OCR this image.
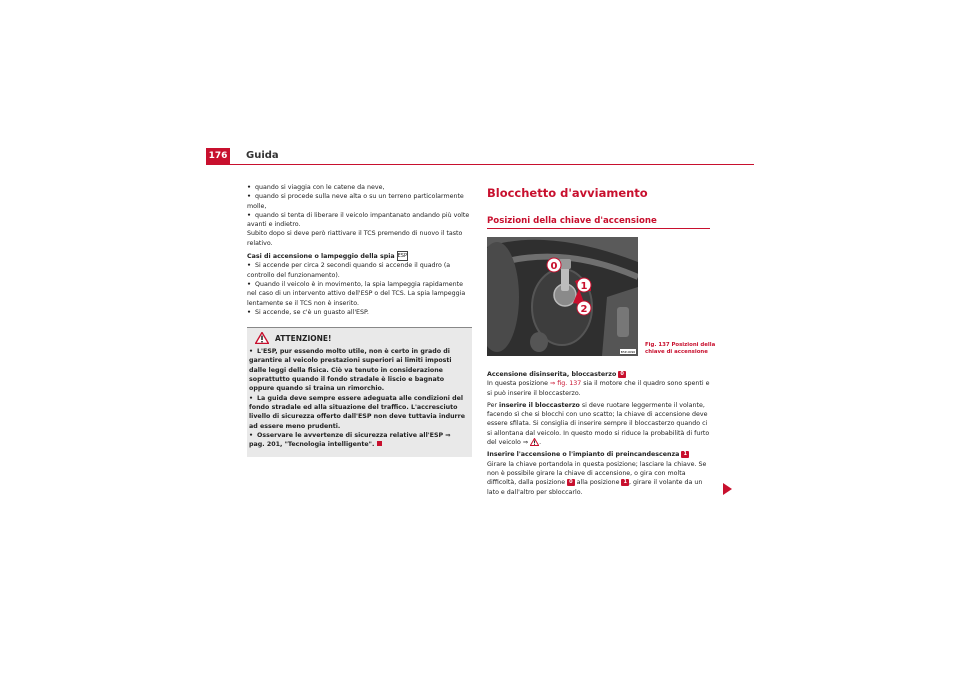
176 Guida

• quando si viaggia con le catene da neve,

• quando si procede sulla neve alta o su un terreno particolarmente molle,

• quando si tenta di liberare il veicolo impantanato andando più volte avanti e indietro.

Subito dopo si deve però riattivare il TCS premendo di nuovo il tasto relativo.

Casi di accensione o lampeggio della spia ESP

• Si accende per circa 2 secondi quando si accende il quadro (a controllo del funzionamento).

• Quando il veicolo è in movimento, la spia lampeggia rapidamente nel caso di un intervento attivo dell'ESP o del TCS. La spia lampeggia lentamente se il TCS non è inserito.

• Si accende, se c'è un guasto all'ESP.

ATTENZIONE!

• L'ESP, pur essendo molto utile, non è certo in grado di garantire al veicolo prestazioni superiori ai limiti imposti dalle leggi della fisica. Ciò va tenuto in considerazione soprattutto quando il fondo stradale è liscio e bagnato oppure quando si traina un rimorchio.

• La guida deve sempre essere adeguata alle condizioni del fondo stradale ed alla situazione del traffico. L'accresciuto livello di sicurezza offerto dall'ESP non deve tuttavia indurre ad essere meno prudenti.

• Osservare le avvertenze di sicurezza relative all'ESP ⇒ pag. 201, "Tecnologia intelligente".

Blocchetto d'avviamento

Posizioni della chiave d'accensione

B5P-0096
0
1
2
Fig. 137 Posizioni della chiave di accensione

Accensione disinserita, bloccasterzo 0

In questa posizione ⇒ fig. 137 sia il motore che il quadro sono spenti e si può inserire il bloccasterzo.

Per inserire il bloccasterzo si deve ruotare leggermente il volante, facendo sì che si blocchi con uno scatto; la chiave di accensione deve essere sfilata. Si consiglia di inserire sempre il bloccasterzo quando ci si allontana dal veicolo. In questo modo si riduce la probabilità di furto del veicolo ⇒ .

Inserire l'accensione o l'impianto di preincandescenza 1

Girare la chiave portandola in questa posizione; lasciare la chiave. Se non è possibile girare la chiave di accensione, o gira con molta difficoltà, dalla posizione 0 alla posizione 1 , girare il volante da un lato e dall'altro per sbloccarlo.
